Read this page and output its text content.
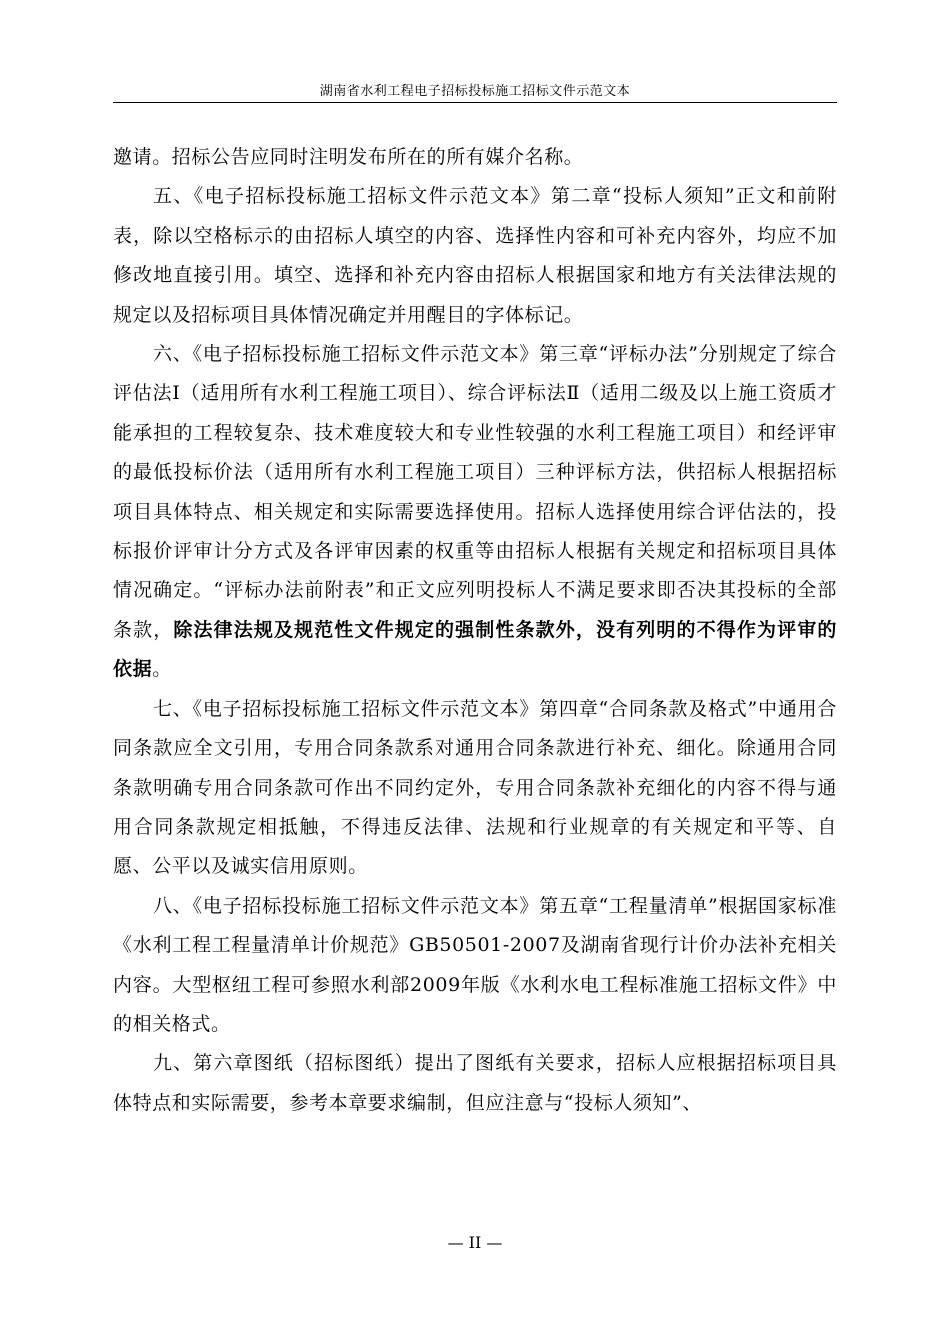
湖南省水利工程电子招标投标施工招标文件示范文本

邀请。招标公告应同时注明发布所在的所有媒介名称。

五、《电子招标投标施工招标文件示范文本》第二章“投标人须知”正文和前附表，除以空格标示的由招标人填空的内容、选择性内容和可补充内容外，均应不加修改地直接引用。填空、选择和补充内容由招标人根据国家和地方有关法律法规的规定以及招标项目具体情况确定并用醒目的字体标记。

六、《电子招标投标施工招标文件示范文本》第三章“评标办法”分别规定了综合评估法Ⅰ（适用所有水利工程施工项目）、综合评标法Ⅱ（适用二级及以上施工资质才能承担的工程较复杂、技术难度较大和专业性较强的水利工程施工项目）和经评审的最低投标价法（适用所有水利工程施工项目）三种评标方法，供招标人根据招标项目具体特点、相关规定和实际需要选择使用。招标人选择使用综合评估法的，投标报价评审计分方式及各评审因素的权重等由招标人根据有关规定和招标项目具体情况确定。“评标办法前附表”和正文应列明投标人不满足要求即否决其投标的全部条款，除法律法规及规范性文件规定的强制性条款外，没有列明的不得作为评审的依据。

七、《电子招标投标施工招标文件示范文本》第四章“合同条款及格式”中通用合同条款应全文引用，专用合同条款系对通用合同条款进行补充、细化。除通用合同条款明确专用合同条款可作出不同约定外，专用合同条款补充细化的内容不得与通用合同条款规定相抵触，不得违反法律、法规和行业规章的有关规定和平等、自愿、公平以及诚实信用原则。

八、《电子招标投标施工招标文件示范文本》第五章“工程量清单”根据国家标准《水利工程工程量清单计价规范》GB50501-2007及湖南省现行计价办法补充相关内容。大型枢纽工程可参照水利部2009年版《水利水电工程标准施工招标文件》中的相关格式。

九、第六章图纸（招标图纸）提出了图纸有关要求，招标人应根据招标项目具体特点和实际需要，参考本章要求编制，但应注意与“投标人须知”、

— II —
